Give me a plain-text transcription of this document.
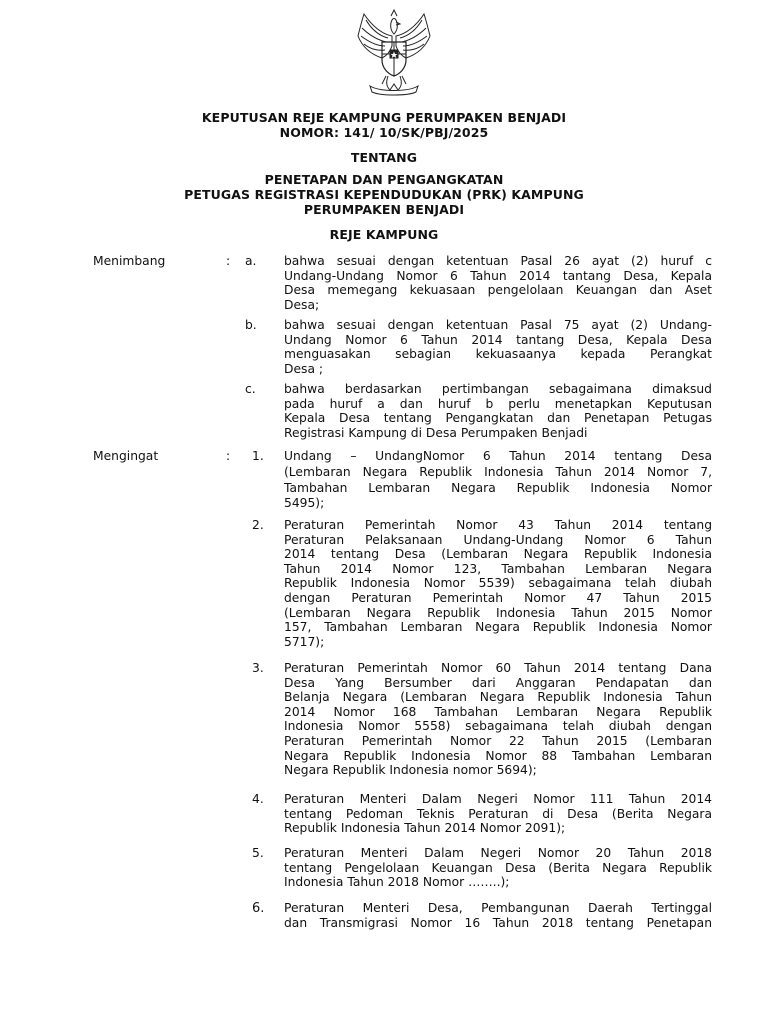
KEPUTUSAN REJE KAMPUNG PERUMPAKEN BENJADI
NOMOR: 141/ 10/SK/PBJ/2025
TENTANG
PENETAPAN DAN PENGANGKATAN
PETUGAS REGISTRASI KEPENDUDUKAN (PRK) KAMPUNG
PERUMPAKEN BENJADI
REJE KAMPUNG
Menimbang	: a. bahwa sesuai dengan ketentuan Pasal 26 ayat (2) huruf c
Undang-Undang Nomor 6 Tahun 2014 tantang Desa, Kepala
Desa memegang kekuasaan pengelolaan Keuangan dan Aset
Desa;
b. bahwa sesuai dengan ketentuan Pasal 75 ayat (2) Undang-
Undang Nomor 6 Tahun 2014 tantang Desa, Kepala Desa
menguasakan sebagian kekuasaanya kepada Perangkat
Desa ;
c. bahwa berdasarkan pertimbangan sebagaimana dimaksud
pada huruf a dan huruf b perlu menetapkan Keputusan
Kepala Desa tentang Pengangkatan dan Penetapan Petugas
Registrasi Kampung di Desa Perumpaken Benjadi
Mengingat	: 1. Undang – UndangNomor 6 Tahun 2014 tentang Desa
(Lembaran Negara Republik Indonesia Tahun 2014 Nomor 7,
Tambahan Lembaran Negara Republik Indonesia Nomor
5495);
2. Peraturan Pemerintah Nomor 43 Tahun 2014 tentang
Peraturan Pelaksanaan Undang-Undang Nomor 6 Tahun
2014 tentang Desa (Lembaran Negara Republik Indonesia
Tahun 2014 Nomor 123, Tambahan Lembaran Negara
Republik Indonesia Nomor 5539) sebagaimana telah diubah
dengan Peraturan Pemerintah Nomor 47 Tahun 2015
(Lembaran Negara Republik Indonesia Tahun 2015 Nomor
157, Tambahan Lembaran Negara Republik Indonesia Nomor
5717);
3. Peraturan Pemerintah Nomor 60 Tahun 2014 tentang Dana
Desa Yang Bersumber dari Anggaran Pendapatan dan
Belanja Negara (Lembaran Negara Republik Indonesia Tahun
2014 Nomor 168 Tambahan Lembaran Negara Republik
Indonesia Nomor 5558) sebagaimana telah diubah dengan
Peraturan Pemerintah Nomor 22 Tahun 2015 (Lembaran
Negara Republik Indonesia Nomor 88 Tambahan Lembaran
Negara Republik Indonesia nomor 5694);
4. Peraturan Menteri Dalam Negeri Nomor 111 Tahun 2014
tentang Pedoman Teknis Peraturan di Desa (Berita Negara
Republik Indonesia Tahun 2014 Nomor 2091);
5. Peraturan Menteri Dalam Negeri Nomor 20 Tahun 2018
tentang Pengelolaan Keuangan Desa (Berita Negara Republik
Indonesia Tahun 2018 Nomor ……..);
6. Peraturan Menteri Desa, Pembangunan Daerah Tertinggal
dan Transmigrasi Nomor 16 Tahun 2018 tentang Penetapan
